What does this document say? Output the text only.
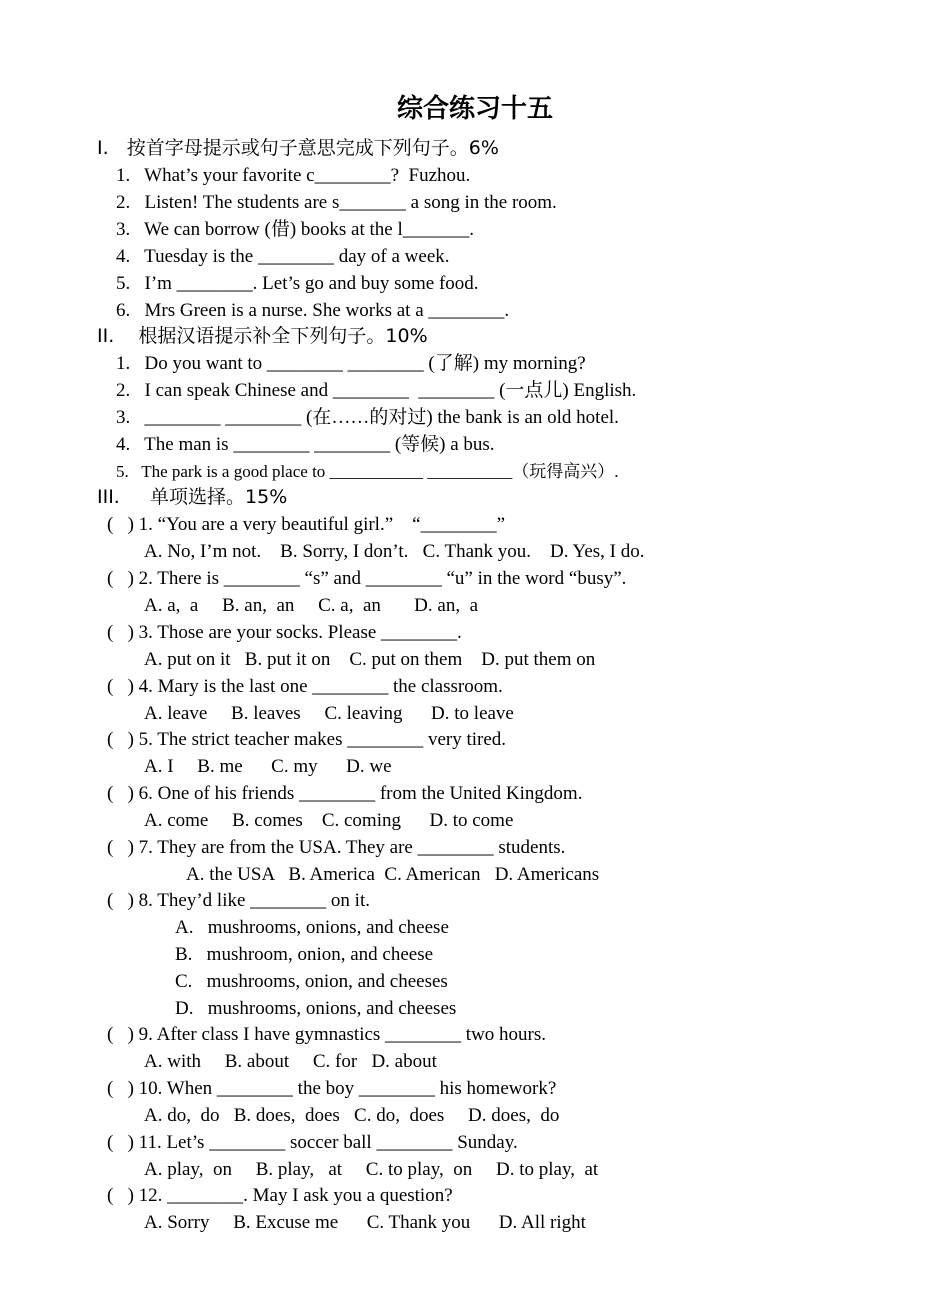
综合练习十五
I.   按首字母提示或句子意思完成下列句子。6%
1.   What’s your favorite c________?  Fuzhou.
2.   Listen! The students are s_______ a song in the room.
3.   We can borrow (借) books at the l_______.
4.   Tuesday is the ________ day of a week.
5.   I’m ________. Let’s go and buy some food.
6.   Mrs Green is a nurse. She works at a ________.
II.    根据汉语提示补全下列句子。10%
1.   Do you want to ________ ________ (了解) my morning?
2.   I can speak Chinese and ________  ________ (一点儿) English.
3.   ________ ________ (在……的对过) the bank is an old hotel.
4.   The man is ________ ________ (等候) a bus.
5.   The park is a good place to ___________ __________（玩得高兴）.
III.     单项选择。15%
(   ) 1. “You are a very beautiful girl.”    “________”
A. No, I’m not.    B. Sorry, I don’t.   C. Thank you.    D. Yes, I do.
(   ) 2. There is ________ “s” and ________ “u” in the word “busy”.
A. a,  a     B. an,  an     C. a,  an       D. an,  a
(   ) 3. Those are your socks. Please ________.
A. put on it   B. put it on    C. put on them    D. put them on
(   ) 4. Mary is the last one ________ the classroom.
A. leave     B. leaves     C. leaving      D. to leave
(   ) 5. The strict teacher makes ________ very tired.
A. I     B. me      C. my      D. we
(   ) 6. One of his friends ________ from the United Kingdom.
A. come     B. comes    C. coming      D. to come
(   ) 7. They are from the USA. They are ________ students.
A. the USA   B. America  C. American   D. Americans
(   ) 8. They’d like ________ on it.
A.   mushrooms, onions, and cheese
B.   mushroom, onion, and cheese
C.   mushrooms, onion, and cheeses
D.   mushrooms, onions, and cheeses
(   ) 9. After class I have gymnastics ________ two hours.
A. with     B. about     C. for   D. about
(   ) 10. When ________ the boy ________ his homework?
A. do,  do   B. does,  does   C. do,  does     D. does,  do
(   ) 11. Let’s ________ soccer ball ________ Sunday.
A. play,  on     B. play,   at     C. to play,  on     D. to play,  at
(   ) 12. ________. May I ask you a question?
A. Sorry     B. Excuse me      C. Thank you      D. All right
